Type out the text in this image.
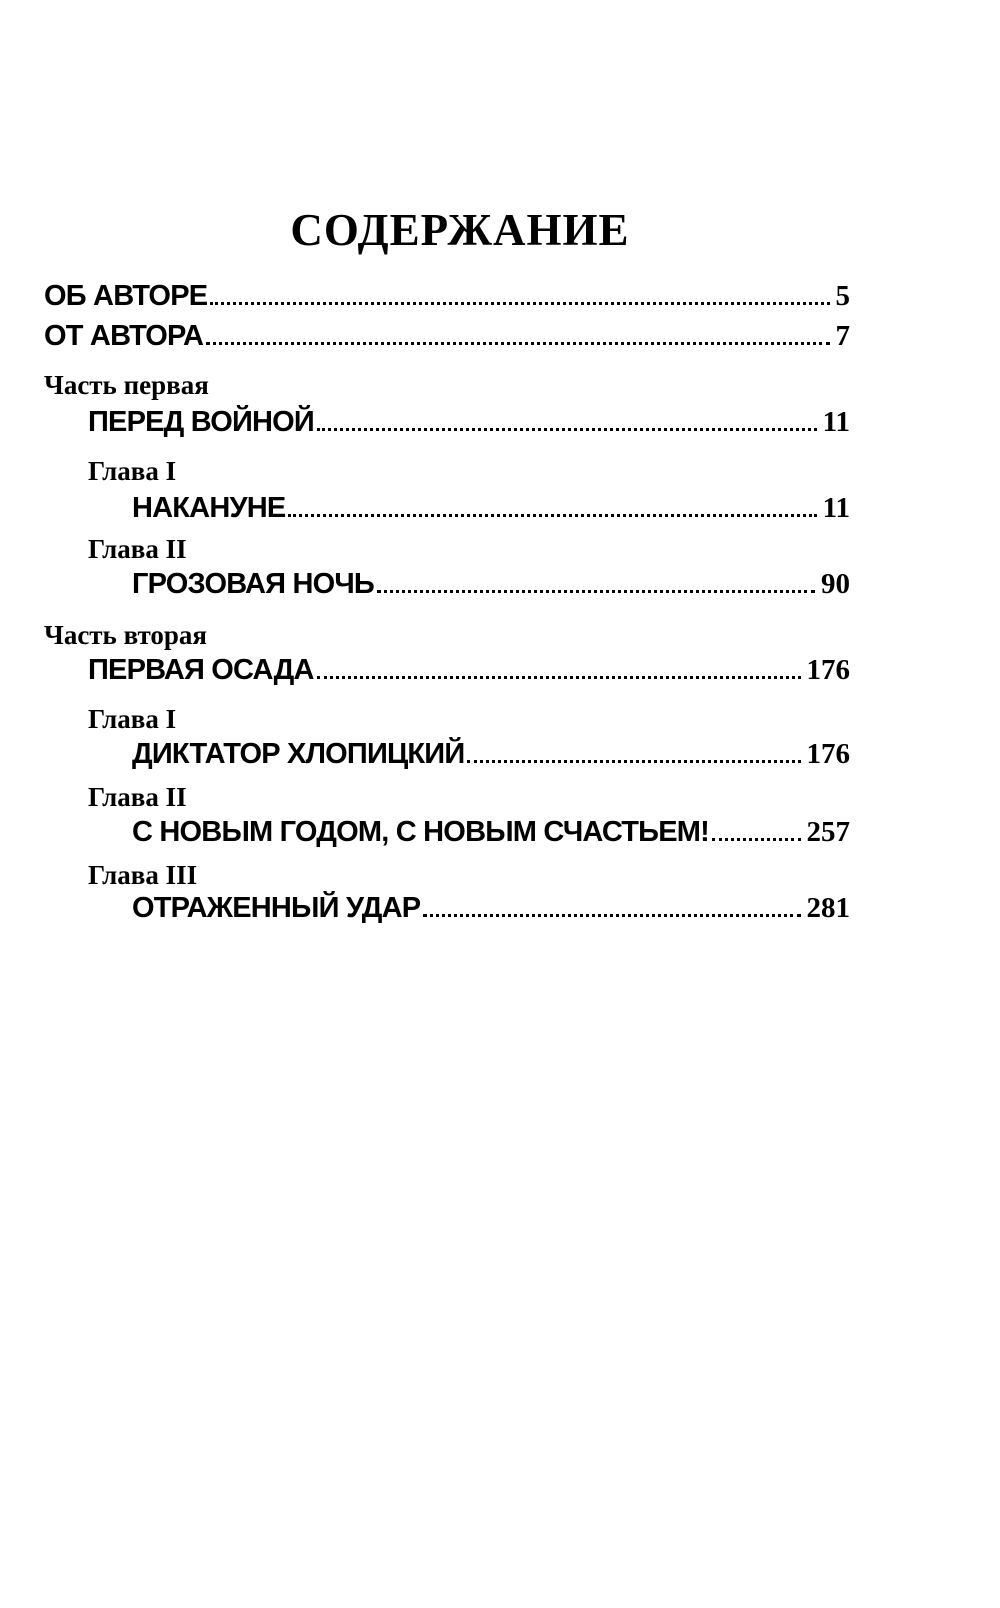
СОДЕРЖАНИЕ
ОБ АВТОРЕ	5
ОТ АВТОРА	7
Часть первая
ПЕРЕД ВОЙНОЙ	11
Глава I
НАКАНУНЕ	11
Глава II
ГРОЗОВАЯ НОЧЬ	90
Часть вторая
ПЕРВАЯ ОСАДА	176
Глава I
ДИКТАТОР ХЛОПИЦКИЙ	176
Глава II
С НОВЫМ ГОДОМ, С НОВЫМ СЧАСТЬЕМ!	257
Глава III
ОТРАЖЕННЫЙ УДАР	281
